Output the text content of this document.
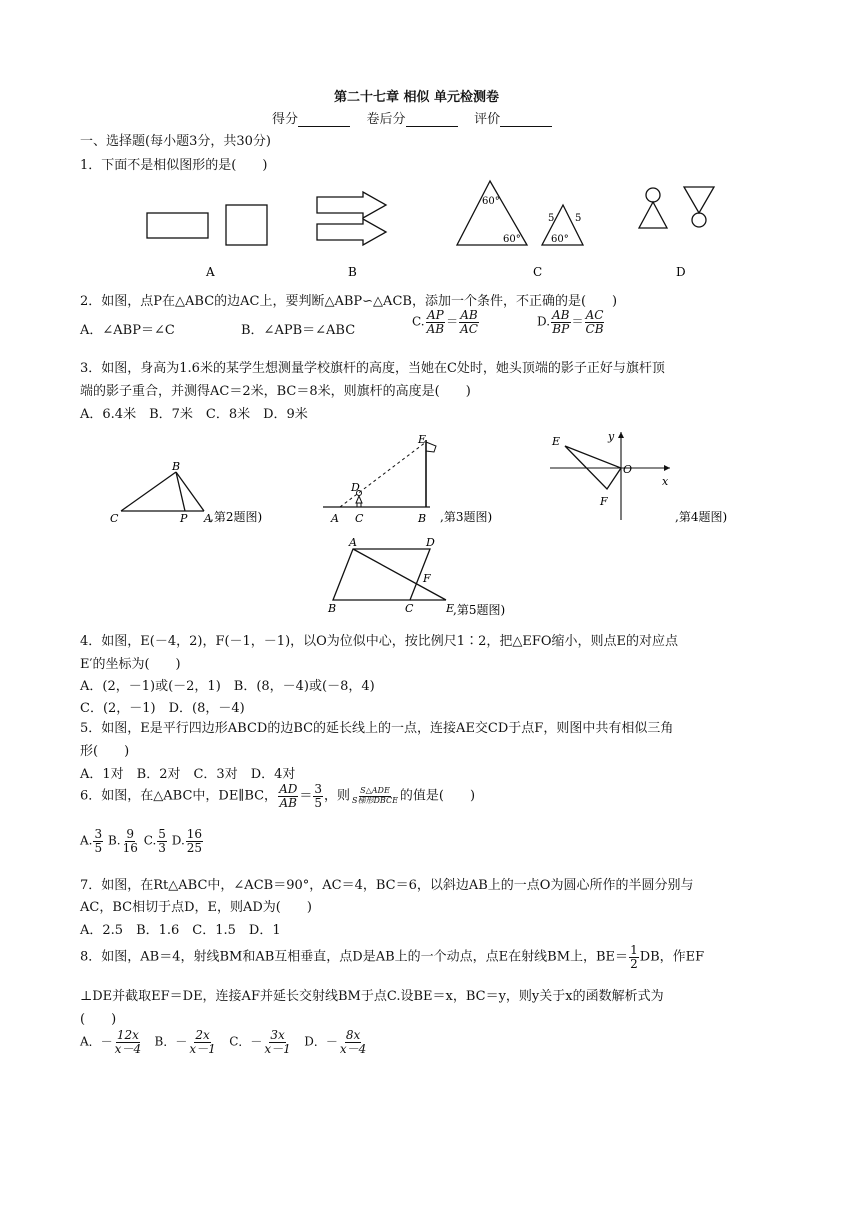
第二十七章 相似 单元检测卷
得分	卷后分	评价
一、选择题(每小题3分，共30分)
1．下面不是相似图形的是(　　)
60°
60°
5 5
60°
A	B	C	D
2．如图，点P在△ABC的边AC上，要判断△ABP∽△ACB，添加一个条件，不正确的是(　　)
A．∠ABP＝∠C	B．∠APB＝∠ABC
C. $\frac{AP}{AB} = \frac{AB}{AC}$	D. $\frac{AB}{BP} = \frac{AC}{CB}$
3．如图，身高为1.6米的某学生想测量学校旗杆的高度，当她在C处时，她头顶端的影子正好与旗杆顶
端的影子重合，并测得AC＝2米，BC＝8米，则旗杆的高度是(　　)
A．6.4米　B．7米　C．8米　D．9米
B
C	P A
,第2题图)
E
D
A C	B ,第3题图)
E
O
F
x
y
,第4题图)
A	D
F
B	C	E
,第5题图)
4．如图，E(－4，2)，F(－1，－1)，以O为位似中心，按比例尺1∶2，把△EFO缩小，则点E的对应点
E′的坐标为(　　)
A．(2，－1)或(－2，1)　B．(8，－4)或(－8，4)
C．(2，－1)　D．(8，－4)
5．如图，E是平行四边形ABCD的边BC的延长线上的一点，连接AE交CD于点F，则图中共有相似三角
形(　　)
A．1对　B．2对　C．3对　D．4对
6．如图，在△ABC中，DE∥BC， $\frac{AD}{AB} = \frac{3}{5}$ ，则 $\frac{\text{S△ADE}}{\text{S梯形DBCE}}$ 的值是(　　)
A. $\frac{3}{5} B$. $\frac{9}{16} C$. $\frac{5}{3} D$. $\frac{16}{25}$
7．如图，在Rt△ABC中，∠ACB＝90°，AC＝4，BC＝6，以斜边AB上的一点O为圆心所作的半圆分别与
AC，BC相切于点D，E，则AD为(　　)
A．2.5　B．1.6　C．1.5　D．1
8．如图，AB＝4，射线BM和AB互相垂直，点D是AB上的一个动点，点E在射线BM上，$BE= \frac{1}{2}$ DB，作EF
⊥DE并截取EF＝DE，连接AF并延长交射线BM于点C.设BE＝x，BC＝y，则y关于x的函数解析式为
(　　)
A．－ $\frac{12x}{x-4}$ B．－ $\frac{2x}{x-1}$ C．－ $\frac{3x}{x-1}$ D．－ $\frac{8x}{x-4}$
